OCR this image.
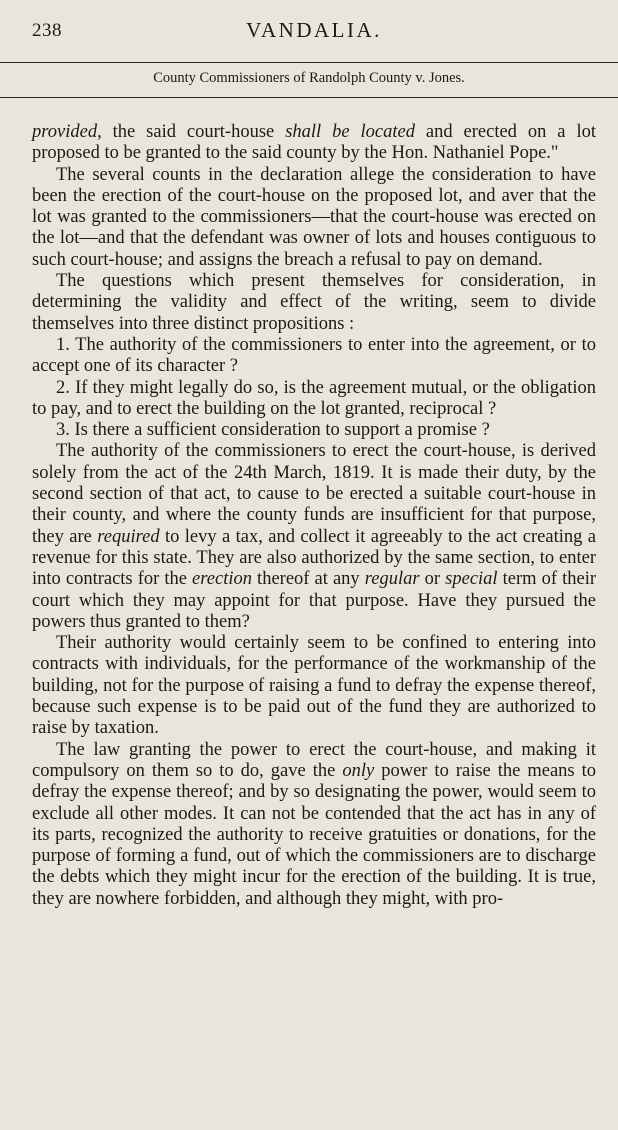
238	VANDALIA.
County Commissioners of Randolph County v. Jones.

provided, the said court-house shall be located and erected on a lot proposed to be granted to the said county by the Hon. Nathaniel Pope."

The several counts in the declaration allege the consideration to have been the erection of the court-house on the proposed lot, and aver that the lot was granted to the commissioners—that the court-house was erected on the lot—and that the defendant was owner of lots and houses contiguous to such court-house; and assigns the breach a refusal to pay on demand.

The questions which present themselves for consideration, in determining the validity and effect of the writing, seem to divide themselves into three distinct propositions :

1. The authority of the commissioners to enter into the agreement, or to accept one of its character ?

2. If they might legally do so, is the agreement mutual, or the obligation to pay, and to erect the building on the lot granted, reciprocal ?

3. Is there a sufficient consideration to support a promise ?

The authority of the commissioners to erect the court-house, is derived solely from the act of the 24th March, 1819. It is made their duty, by the second section of that act, to cause to be erected a suitable court-house in their county, and where the county funds are insufficient for that purpose, they are required to levy a tax, and collect it agreeably to the act creating a revenue for this state. They are also authorized by the same section, to enter into contracts for the erection thereof at any regular or special term of their court which they may appoint for that purpose. Have they pursued the powers thus granted to them?

Their authority would certainly seem to be confined to entering into contracts with individuals, for the performance of the workmanship of the building, not for the purpose of raising a fund to defray the expense thereof, because such expense is to be paid out of the fund they are authorized to raise by taxation.

The law granting the power to erect the court-house, and making it compulsory on them so to do, gave the only power to raise the means to defray the expense thereof; and by so designating the power, would seem to exclude all other modes. It can not be contended that the act has in any of its parts, recognized the authority to receive gratuities or donations, for the purpose of forming a fund, out of which the commissioners are to discharge the debts which they might incur for the erection of the building. It is true, they are nowhere forbidden, and although they might, with pro-
